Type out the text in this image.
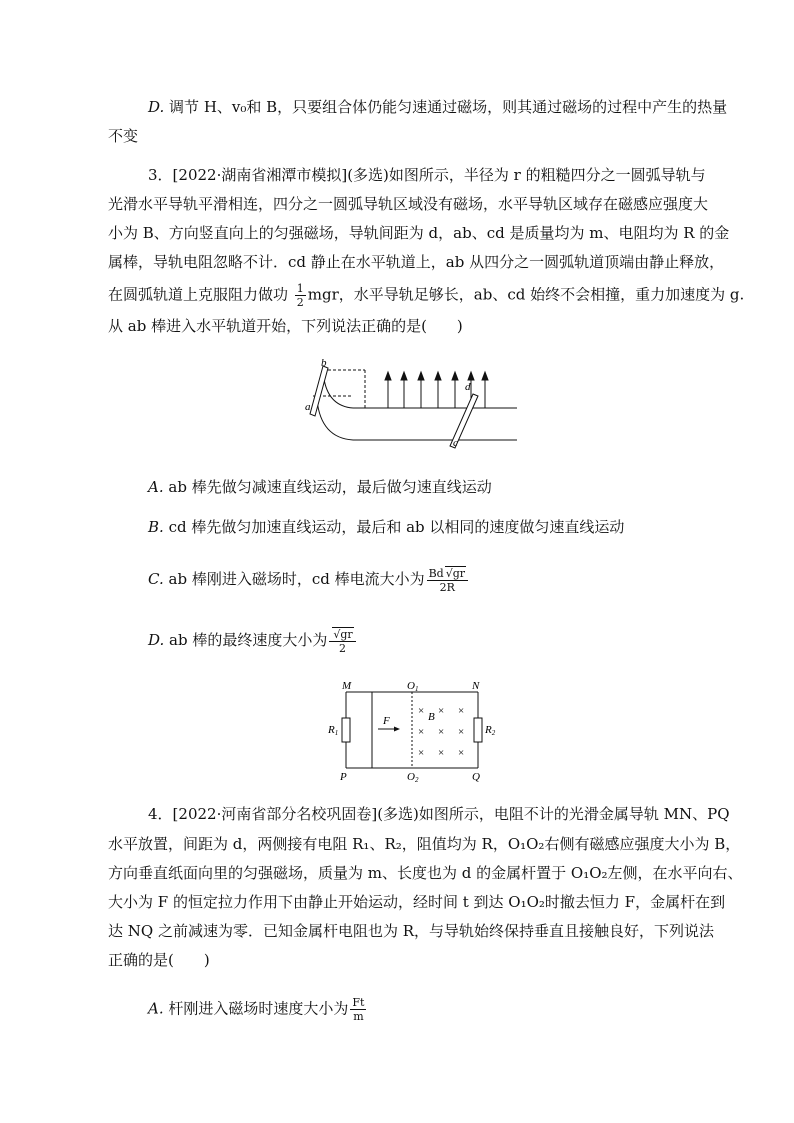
D. 调节 H、v₀和 B，只要组合体仍能匀速通过磁场，则其通过磁场的过程中产生的热量
不变
3．[2022·湖南省湘潭市模拟](多选)如图所示，半径为 r 的粗糙四分之一圆弧导轨与
光滑水平导轨平滑相连，四分之一圆弧导轨区域没有磁场，水平导轨区域存在磁感应强度大
小为 B、方向竖直向上的匀强磁场，导轨间距为 d，ab、cd 是质量均为 m、电阻均为 R 的金
属棒，导轨电阻忽略不计．cd 静止在水平轨道上，ab 从四分之一圆弧轨道顶端由静止释放，
在圆弧轨道上克服阻力做功 $\frac{1}{2}$ mgr，水平导轨足够长，ab、cd 始终不会相撞，重力加速度为 g.
从 ab 棒进入水平轨道开始，下列说法正确的是(　　)
b
a
d
c
A. ab 棒先做匀减速直线运动，最后做匀速直线运动
B. cd 棒先做匀加速直线运动，最后和 ab 以相同的速度做匀速直线运动
C. ab 棒刚进入磁场时，cd 棒电流大小为 $\frac{Bd √gr}{2R}$
D. ab 棒的最终速度大小为 $\frac{√gr}{2}$
M	N
P	Q
O1
O2
R1	R2
F	B
× × ×
× × ×
× × ×
4．[2022·河南省部分名校巩固卷](多选)如图所示，电阻不计的光滑金属导轨 MN、PQ
水平放置，间距为 d，两侧接有电阻 R₁、R₂，阻值均为 R，O₁O₂右侧有磁感应强度大小为 B，
方向垂直纸面向里的匀强磁场，质量为 m、长度也为 d 的金属杆置于 O₁O₂左侧，在水平向右、
大小为 F 的恒定拉力作用下由静止开始运动，经时间 t 到达 O₁O₂时撤去恒力 F，金属杆在到
达 NQ 之前减速为零．已知金属杆电阻也为 R，与导轨始终保持垂直且接触良好，下列说法
正确的是(　　)
A. 杆刚进入磁场时速度大小为 $\frac{Ft}{m}$
